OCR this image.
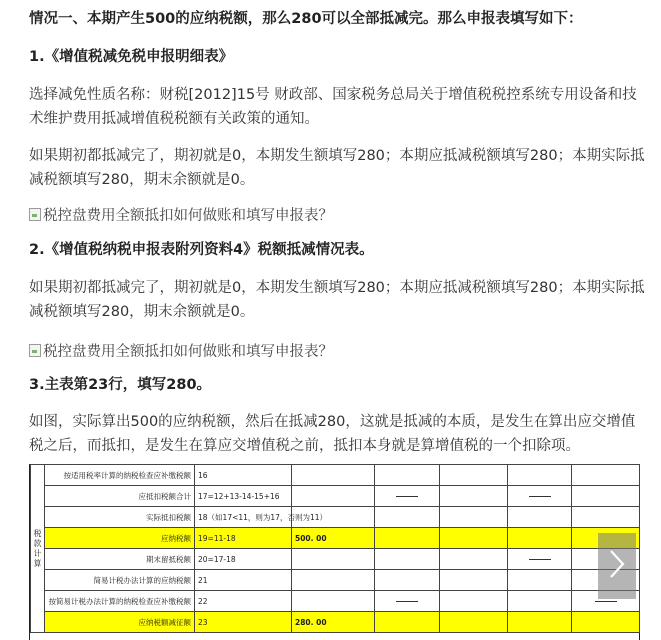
情况一、本期产生500的应纳税额，那么280可以全部抵减完。那么申报表填写如下：
1.《增值税减免税申报明细表》
选择减免性质名称：财税[2012]15号 财政部、国家税务总局关于增值税税控系统专用设备和技术维护费用抵减增值税税额有关政策的通知。
如果期初都抵减完了，期初就是0，本期发生额填写280；本期应抵减税额填写280；本期实际抵减税额填写280，期末余额就是0。
税控盘费用全额抵扣如何做账和填写申报表？
2.《增值税纳税申报表附列资料4》税额抵减情况表。
如果期初都抵减完了，期初就是0，本期发生额填写280；本期应抵减税额填写280；本期实际抵减税额填写280，期末余额就是0。
税控盘费用全额抵扣如何做账和填写申报表？
3.主表第23行，填写280。
如图，实际算出500的应纳税额，然后在抵减280，这就是抵减的本质，是发生在算出应交增值税之后，而抵扣，是发生在算应交增值税之前，抵扣本身就是算增值税的一个扣除项。
税款计算	按适用税率计算的纳税检查应补缴税额	16					
	应抵扣税额合计	17=12+13-14-15+16		

	实际抵扣税额	18（如17<11，则为17，否则为11）					
	应纳税额	19=11-18	500. 00				
	期末留抵税额	20=17-18				

	简易计税办法计算的应纳税额	21					
	按简易计税办法计算的纳税检查应补缴税额	22		

	应纳税额减征额	23	280. 00				
